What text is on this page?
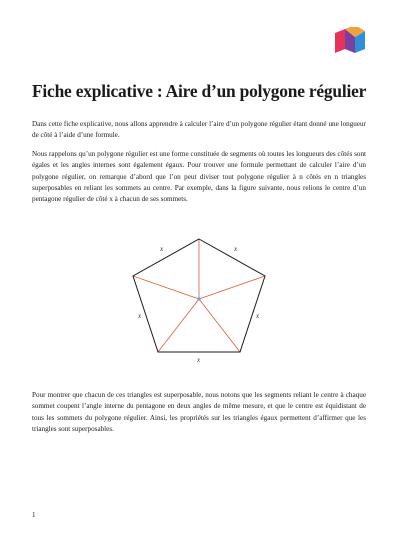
Fiche explicative : Aire d’un polygone régulier

Dans cette fiche explicative, nous allons apprendre à calculer l’aire d’un polygone régulier étant donné une longueur de côté à l’aide d’une formule.

Nous rappelons qu’un polygone régulier est une forme constituée de segments où toutes les longueurs des côtés sont égales et les angles internes sont également égaux. Pour trouver une formule permettant de calculer l’aire d’un polygone régulier, on remarque d’abord que l’on peut diviser tout polygone régulier à n côtés en n triangles superposables en reliant les sommets au centre. Par exemple, dans la figure suivante, nous relions le centre d’un pentagone régulier de côté x à chacun de ses sommets.

x	x
x	x
x

Pour montrer que chacun de ces triangles est superposable, nous notons que les segments reliant le centre à chaque sommet coupent l’angle interne du pentagone en deux angles de même mesure, et que le centre est équidistant de tous les sommets du polygone régulier. Ainsi, les propriétés sur les triangles égaux permettent d’affirmer que les triangles sont superposables.

1
